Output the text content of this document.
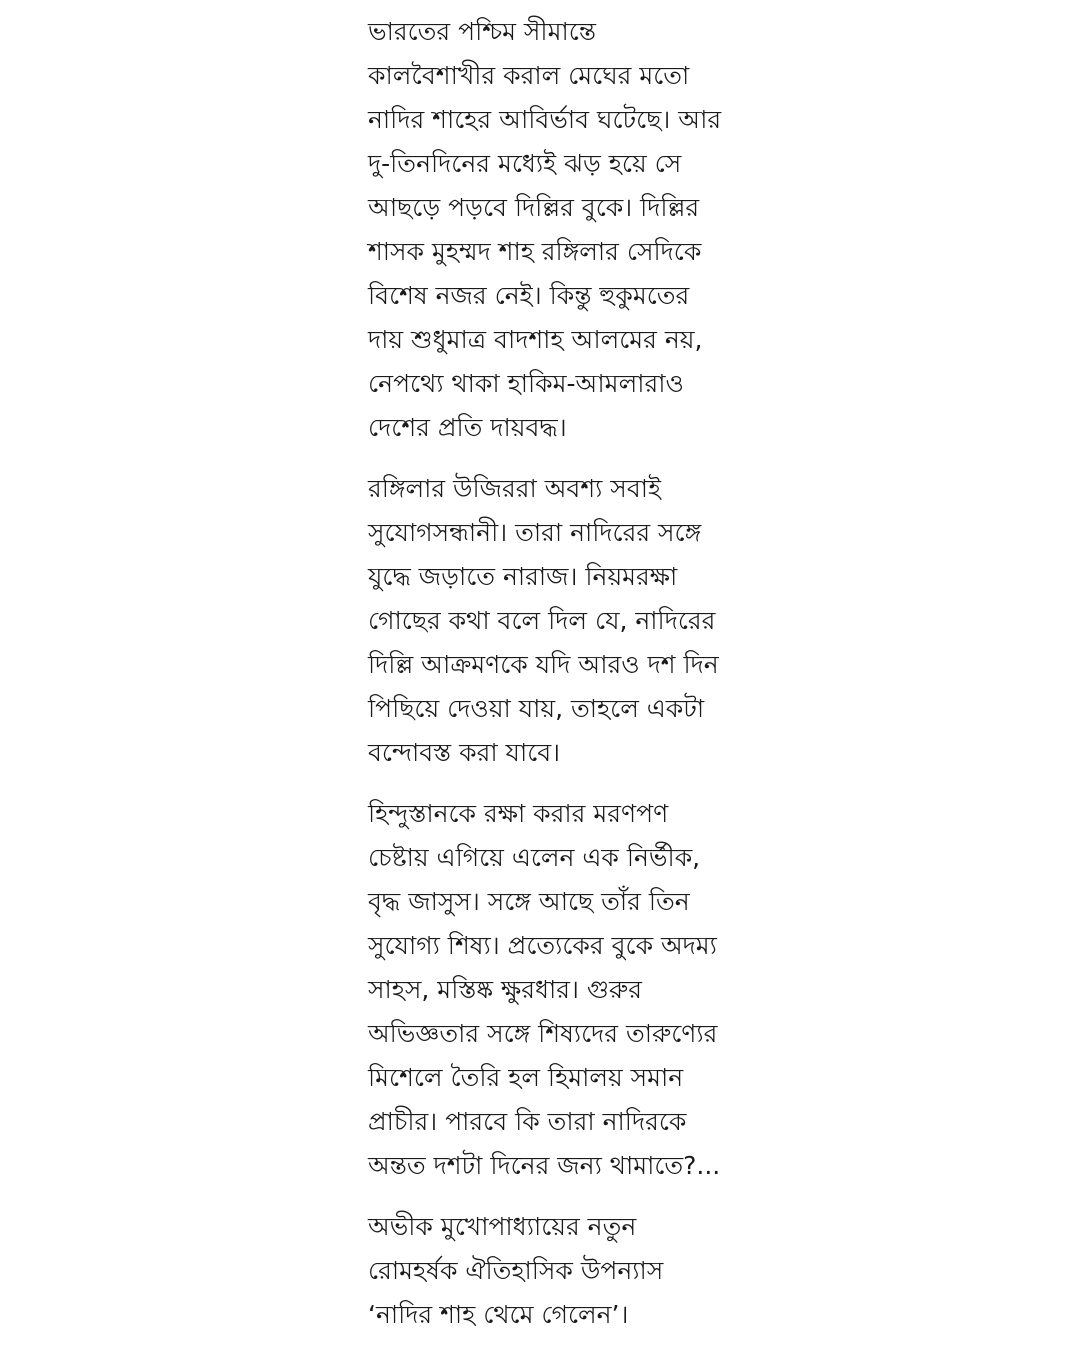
ভারতের পশ্চিম সীমান্তে
কালবৈশাখীর করাল মেঘের মতো
নাদির শাহের আবির্ভাব ঘটেছে। আর
দু-তিনদিনের মধ্যেই ঝড় হয়ে সে
আছড়ে পড়বে দিল্লির বুকে। দিল্লির
শাসক মুহম্মদ শাহ রঙ্গিলার সেদিকে
বিশেষ নজর নেই। কিন্তু হুকুমতের
দায় শুধুমাত্র বাদশাহ আলমের নয়,
নেপথ্যে থাকা হাকিম-আমলারাও
দেশের প্রতি দায়বদ্ধ।

রঙ্গিলার উজিররা অবশ্য সবাই
সুযোগসন্ধানী। তারা নাদিরের সঙ্গে
যুদ্ধে জড়াতে নারাজ। নিয়মরক্ষা
গোছের কথা বলে দিল যে, নাদিরের
দিল্লি আক্রমণকে যদি আরও দশ দিন
পিছিয়ে দেওয়া যায়, তাহলে একটা
বন্দোবস্ত করা যাবে।

হিন্দুস্তানকে রক্ষা করার মরণপণ
চেষ্টায় এগিয়ে এলেন এক নির্ভীক,
বৃদ্ধ জাসুস। সঙ্গে আছে তাঁর তিন
সুযোগ্য শিষ্য। প্রত্যেকের বুকে অদম্য
সাহস, মস্তিষ্ক ক্ষুরধার। গুরুর
অভিজ্ঞতার সঙ্গে শিষ্যদের তারুণ্যের
মিশেলে তৈরি হল হিমালয় সমান
প্রাচীর। পারবে কি তারা নাদিরকে
অন্তত দশটা দিনের জন্য থামাতে?...

অভীক মুখোপাধ্যায়ের নতুন
রোমহর্ষক ঐতিহাসিক উপন্যাস
‘নাদির শাহ থেমে গেলেন’।
